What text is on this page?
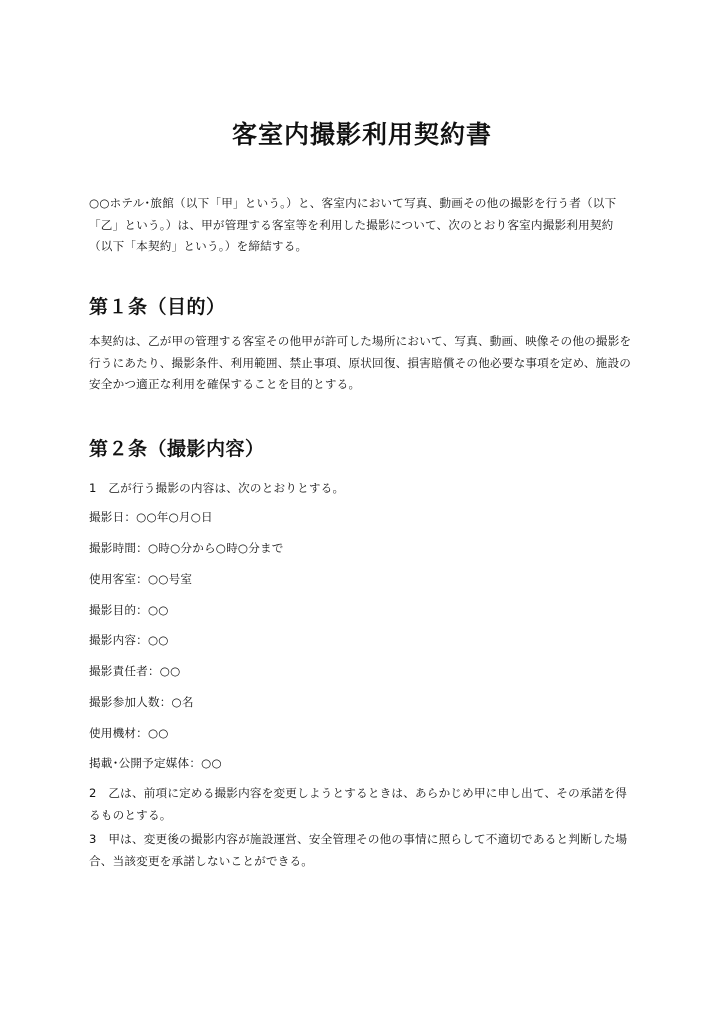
客室内撮影利用契約書

○○ホテル･旅館（以下「甲」という。）と、客室内において写真、動画その他の撮影を行う者（以下「乙」という。）は、甲が管理する客室等を利用した撮影について、次のとおり客室内撮影利用契約（以下「本契約」という。）を締結する。

第１条（目的）

本契約は、乙が甲の管理する客室その他甲が許可した場所において、写真、動画、映像その他の撮影を行うにあたり、撮影条件、利用範囲、禁止事項、原状回復、損害賠償その他必要な事項を定め、施設の安全かつ適正な利用を確保することを目的とする。

第２条（撮影内容）

1　乙が行う撮影の内容は、次のとおりとする。

撮影日：○○年○月○日

撮影時間：○時○分から○時○分まで

使用客室：○○号室

撮影目的：○○

撮影内容：○○

撮影責任者：○○

撮影参加人数：○名

使用機材：○○

掲載･公開予定媒体：○○

2　乙は、前項に定める撮影内容を変更しようとするときは、あらかじめ甲に申し出て、その承諾を得るものとする。

3　甲は、変更後の撮影内容が施設運営、安全管理その他の事情に照らして不適切であると判断した場合、当該変更を承諾しないことができる。
